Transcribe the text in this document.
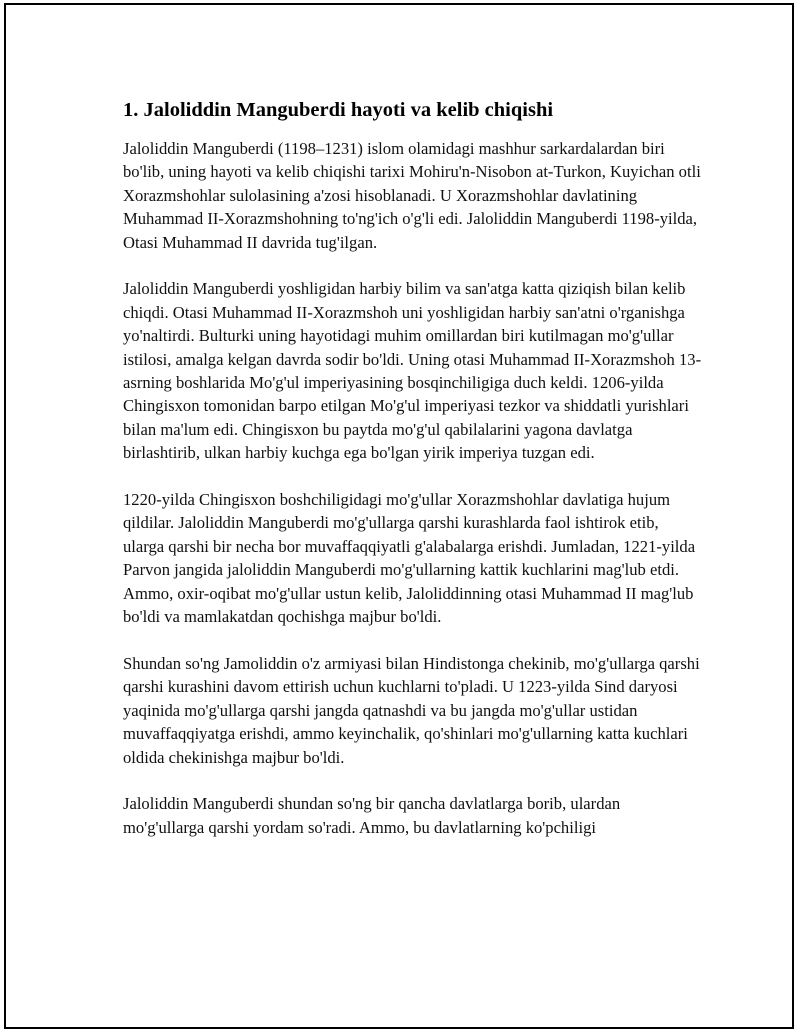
1. Jaloliddin Manguberdi hayoti va kelib chiqishi

Jaloliddin Manguberdi (1198–1231) islom olamidagi mashhur sarkardalardan biri bo'lib, uning hayoti va kelib chiqishi tarixi Mohiru'n-Nisobon at-Turkon, Kuyichan otli Xorazmshohlar sulolasining a'zosi hisoblanadi. U Xorazmshohlar davlatining Muhammad II-Xorazmshohning to'ng'ich o'g'li edi. Jaloliddin Manguberdi 1198-yilda, Otasi Muhammad II davrida tug'ilgan.

Jaloliddin Manguberdi yoshligidan harbiy bilim va san'atga katta qiziqish bilan kelib chiqdi. Otasi Muhammad II-Xorazmshoh uni yoshligidan harbiy san'atni o'rganishga yo'naltirdi. Bulturki uning hayotidagi muhim omillardan biri kutilmagan mo'g'ullar istilosi, amalga kelgan davrda sodir bo'ldi. Uning otasi Muhammad II-Xorazmshoh 13-asrning boshlarida Mo'g'ul imperiyasining bosqinchiligiga duch keldi. 1206-yilda Chingisxon tomonidan barpo etilgan Mo'g'ul imperiyasi tezkor va shiddatli yurishlari bilan ma'lum edi. Chingisxon bu paytda mo'g'ul qabilalarini yagona davlatga birlashtirib, ulkan harbiy kuchga ega bo'lgan yirik imperiya tuzgan edi.

1220-yilda Chingisxon boshchiligidagi mo'g'ullar Xorazmshohlar davlatiga hujum qildilar. Jaloliddin Manguberdi mo'g'ullarga qarshi kurashlarda faol ishtirok etib, ularga qarshi bir necha bor muvaffaqqiyatli g'alabalarga erishdi. Jumladan, 1221-yilda Parvon jangida jaloliddin Manguberdi mo'g'ullarning kattik kuchlarini mag'lub etdi. Ammo, oxir-oqibat mo'g'ullar ustun kelib, Jaloliddinning otasi Muhammad II mag'lub bo'ldi va mamlakatdan qochishga majbur bo'ldi.

Shundan so'ng Jamoliddin o'z armiyasi bilan Hindistonga chekinib, mo'g'ullarga qarshi qarshi kurashini davom ettirish uchun kuchlarni to'pladi. U 1223-yilda Sind daryosi yaqinida mo'g'ullarga qarshi jangda qatnashdi va bu jangda mo'g'ullar ustidan muvaffaqqiyatga erishdi, ammo keyinchalik, qo'shinlari mo'g'ullarning katta kuchlari oldida chekinishga majbur bo'ldi.

Jaloliddin Manguberdi shundan so'ng bir qancha davlatlarga borib, ulardan mo'g'ullarga qarshi yordam so'radi. Ammo, bu davlatlarning ko'pchiligi
